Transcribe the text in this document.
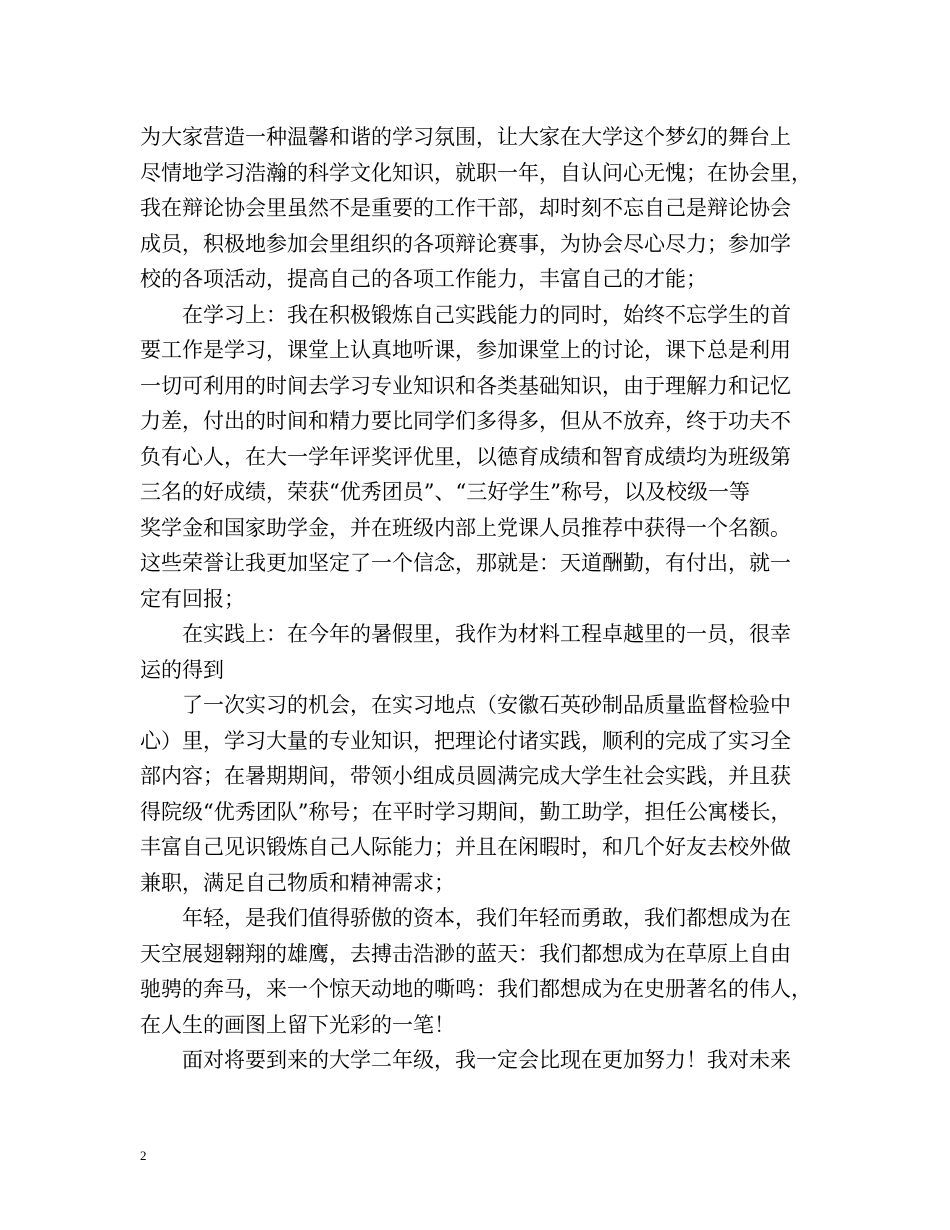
为大家营造一种温馨和谐的学习氛围，让大家在大学这个梦幻的舞台上
尽情地学习浩瀚的科学文化知识，就职一年，自认问心无愧；在协会里，
我在辩论协会里虽然不是重要的工作干部，却时刻不忘自己是辩论协会
成员，积极地参加会里组织的各项辩论赛事，为协会尽心尽力；参加学
校的各项活动，提高自己的各项工作能力，丰富自己的才能；
在学习上：我在积极锻炼自己实践能力的同时，始终不忘学生的首
要工作是学习，课堂上认真地听课，参加课堂上的讨论，课下总是利用
一切可利用的时间去学习专业知识和各类基础知识，由于理解力和记忆
力差，付出的时间和精力要比同学们多得多，但从不放弃，终于功夫不
负有心人，在大一学年评奖评优里，以德育成绩和智育成绩均为班级第
三名的好成绩，荣获“优秀团员”、“三好学生”称号，以及校级一等
奖学金和国家助学金，并在班级内部上党课人员推荐中获得一个名额。
这些荣誉让我更加坚定了一个信念，那就是：天道酬勤，有付出，就一
定有回报；
在实践上：在今年的暑假里，我作为材料工程卓越里的一员，很幸
运的得到
了一次实习的机会，在实习地点（安徽石英砂制品质量监督检验中
心）里，学习大量的专业知识，把理论付诸实践，顺利的完成了实习全
部内容；在暑期期间，带领小组成员圆满完成大学生社会实践，并且获
得院级“优秀团队”称号；在平时学习期间，勤工助学，担任公寓楼长，
丰富自己见识锻炼自己人际能力；并且在闲暇时，和几个好友去校外做
兼职，满足自己物质和精神需求；
年轻，是我们值得骄傲的资本，我们年轻而勇敢，我们都想成为在
天空展翅翱翔的雄鹰，去搏击浩渺的蓝天：我们都想成为在草原上自由
驰骋的奔马，来一个惊天动地的嘶鸣：我们都想成为在史册著名的伟人，
在人生的画图上留下光彩的一笔！
面对将要到来的大学二年级，我一定会比现在更加努力！我对未来
2
